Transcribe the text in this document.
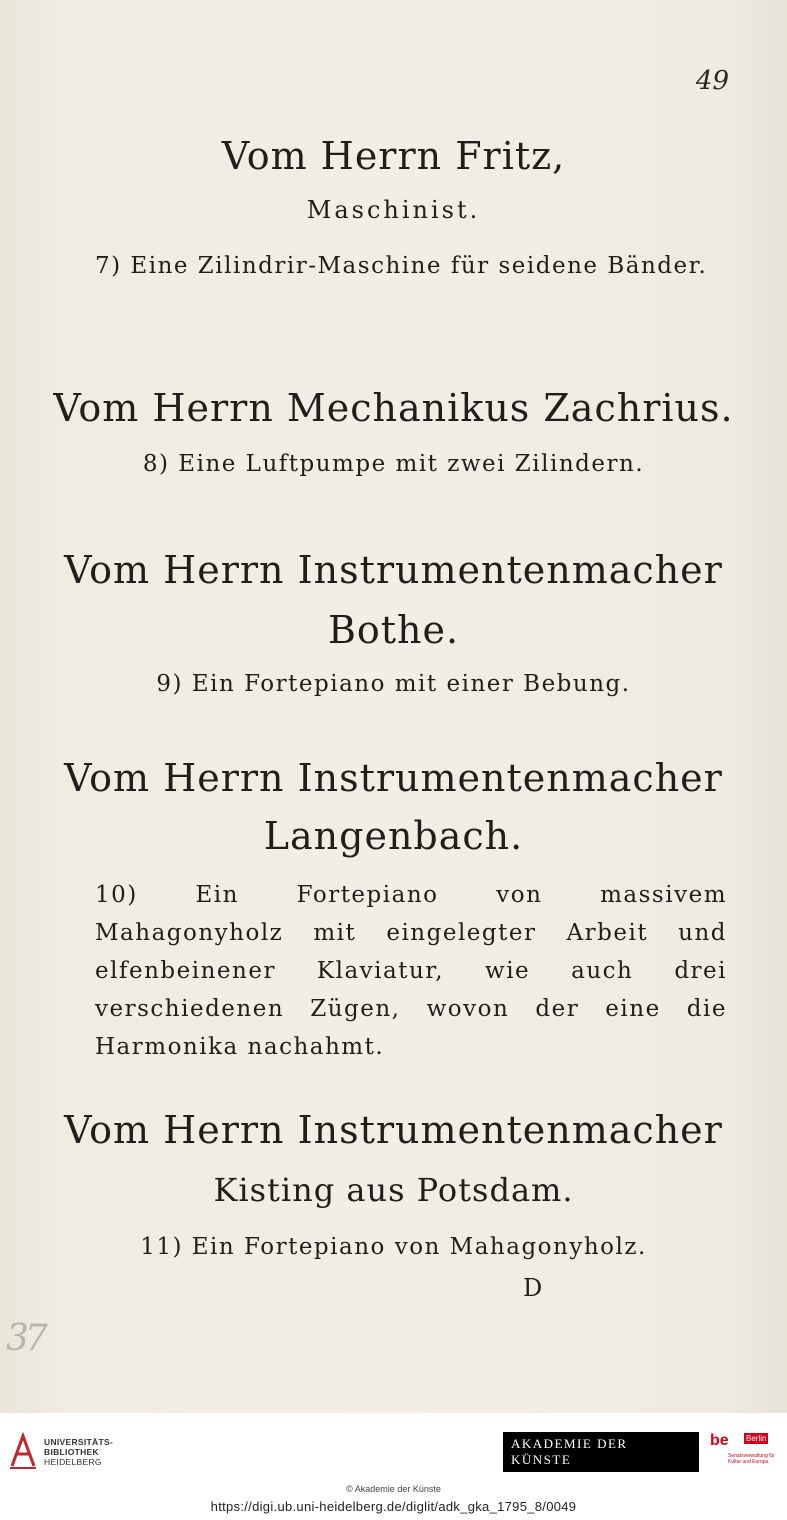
49
Vom Herrn Fritz,
Maschinist.
7) Eine Zilindrir-Maschine für seidene Bänder.
Vom Herrn Mechanikus Zachrius.
8) Eine Luftpumpe mit zwei Zilindern.
Vom Herrn Instrumentenmacher
Bothe.
9) Ein Fortepiano mit einer Bebung.
Vom Herrn Instrumentenmacher
Langenbach.
10) Ein Fortepiano von massivem Mahagonyholz mit eingelegter Arbeit und elfenbeinener Klaviatur, wie auch drei verschiedenen Zügen, wovon der eine die Harmonika nachahmt.
Vom Herrn Instrumentenmacher
Kisting aus Potsdam.
11) Ein Fortepiano von Mahagonyholz.
D
37
UNIVERSITÄTS-
BIBLIOTHEK
HEIDELBERG
AKADEMIE DER KÜNSTE
be Berlin
Senatsverwaltung für Kultur und Europa
© Akademie der Künste
https://digi.ub.uni-heidelberg.de/diglit/adk_gka_1795_8/0049
